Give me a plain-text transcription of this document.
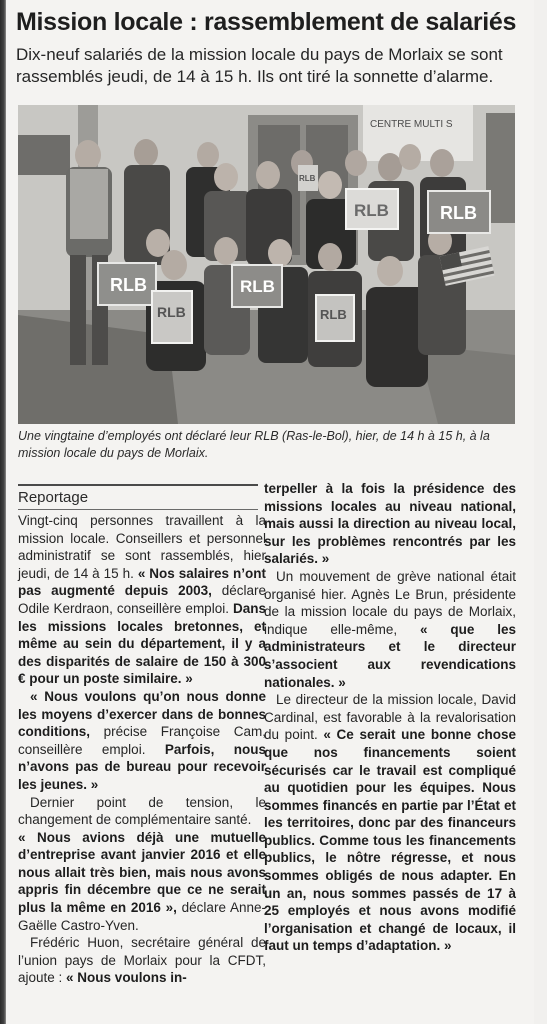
Mission locale : rassemblement de salariés

Dix-neuf salariés de la mission locale du pays de Morlaix se sont rassemblés jeudi, de 14 à 15 h. Ils ont tiré la sonnette d’alarme.

CENTRE MULTI S
RLB
RLB
RLB
RLB
RLB	RLB
RLB

Une vingtaine d’employés ont déclaré leur RLB (Ras-le-Bol), hier, de 14 h à 15 h, à la mission locale du pays de Morlaix.

Reportage

Vingt-cinq personnes travaillent à la mission locale. Conseillers et personnel administratif se sont rassemblés, hier jeudi, de 14 à 15 h. « Nos salaires n’ont pas augmenté depuis 2003, déclare Odile Kerdraon, conseillère emploi. Dans les missions locales bretonnes, et même au sein du département, il y a des disparités de salaire de 150 à 300 € pour un poste similaire. »

« Nous voulons qu’on nous donne les moyens d’exercer dans de bonnes conditions, précise Françoise Cam, conseillère emploi. Parfois, nous n’avons pas de bureau pour recevoir les jeunes. »

Dernier point de tension, le changement de complémentaire santé.

« Nous avions déjà une mutuelle d’entreprise avant janvier 2016 et elle nous allait très bien, mais nous avons appris fin décembre que ce ne serait plus la même en 2016 », déclare Anne-Gaëlle Castro-Yven.

Frédéric Huon, secrétaire général de l’union pays de Morlaix pour la CFDT, ajoute : « Nous voulons in-

terpeller à la fois la présidence des missions locales au niveau national, mais aussi la direction au niveau local, sur les problèmes rencontrés par les salariés. »

Un mouvement de grève national était organisé hier. Agnès Le Brun, présidente de la mission locale du pays de Morlaix, indique elle-même, « que les administrateurs et le directeur s’associent aux revendications nationales. »

Le directeur de la mission locale, David Cardinal, est favorable à la revalorisation du point. « Ce serait une bonne chose que nos financements soient sécurisés car le travail est compliqué au quotidien pour les équipes. Nous sommes financés en partie par l’État et les territoires, donc par des financeurs publics. Comme tous les financements publics, le nôtre régresse, et nous sommes obligés de nous adapter. En un an, nous sommes passés de 17 à 25 employés et nous avons modifié l’organisation et changé de locaux, il faut un temps d’adaptation. »
